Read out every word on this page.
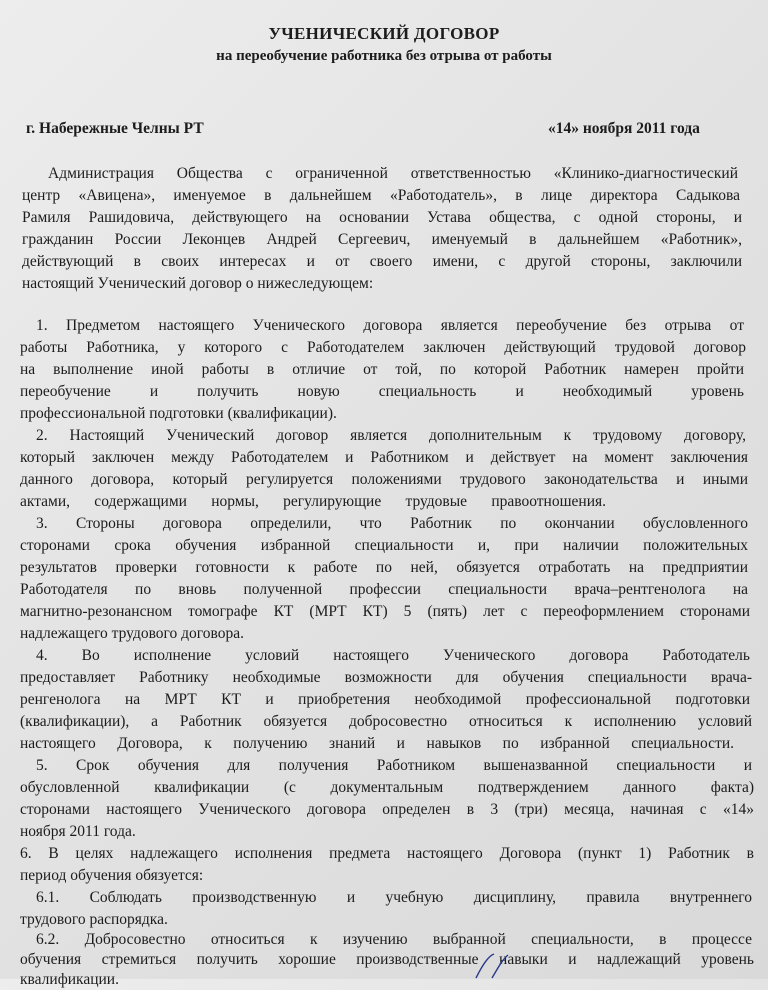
УЧЕНИЧЕСКИЙ ДОГОВОР
на переобучение работника без отрыва от работы
г. Набережные Челны РТ	«14» ноября 2011 года
Администрация Общества с ограниченной ответственностью «Клинико-диагностический
центр «Авицена», именуемое в дальнейшем «Работодатель», в лице директора Садыкова
Рамиля Рашидовича, действующего на основании Устава общества, с одной стороны, и
гражданин России Леконцев Андрей Сергеевич, именуемый в дальнейшем «Работник»,
действующий в своих интересах и от своего имени, с другой стороны, заключили
настоящий Ученический договор о нижеследующем:
1. Предметом настоящего Ученического договора является переобучение без отрыва от
работы Работника, у которого с Работодателем заключен действующий трудовой договор
на выполнение иной работы в отличие от той, по которой Работник намерен пройти
переобучение и получить новую специальность и необходимый уровень
профессиональной подготовки (квалификации).
2. Настоящий Ученический договор является дополнительным к трудовому договору,
который заключен между Работодателем и Работником и действует на момент заключения
данного договора, который регулируется положениями трудового законодательства и иными
актами, содержащими нормы, регулирующие трудовые правоотношения.
3. Стороны договора определили, что Работник по окончании обусловленного
сторонами срока обучения избранной специальности и, при наличии положительных
результатов проверки готовности к работе по ней, обязуется отработать на предприятии
Работодателя по вновь полученной профессии специальности врача–рентгенолога на
магнитно-резонансном томографе КТ (МРТ КТ) 5 (пять) лет с переоформлением сторонами
надлежащего трудового договора.
4. Во исполнение условий настоящего Ученического договора Работодатель
предоставляет Работнику необходимые возможности для обучения специальности врача-
ренгенолога на МРТ КТ и приобретения необходимой профессиональной подготовки
(квалификации), а Работник обязуется добросовестно относиться к исполнению условий
настоящего Договора, к получению знаний и навыков по избранной специальности.
5. Срок обучения для получения Работником вышеназванной специальности и
обусловленной квалификации (с документальным подтверждением данного факта)
сторонами настоящего Ученического договора определен в 3 (три) месяца, начиная с «14»
ноября 2011 года.
6. В целях надлежащего исполнения предмета настоящего Договора (пункт 1) Работник в
период обучения обязуется:
6.1. Соблюдать производственную и учебную дисциплину, правила внутреннего
трудового распорядка.
6.2. Добросовестно относиться к изучению выбранной специальности, в процессе
обучения стремиться получить хорошие производственные навыки и надлежащий уровень
квалификации.
